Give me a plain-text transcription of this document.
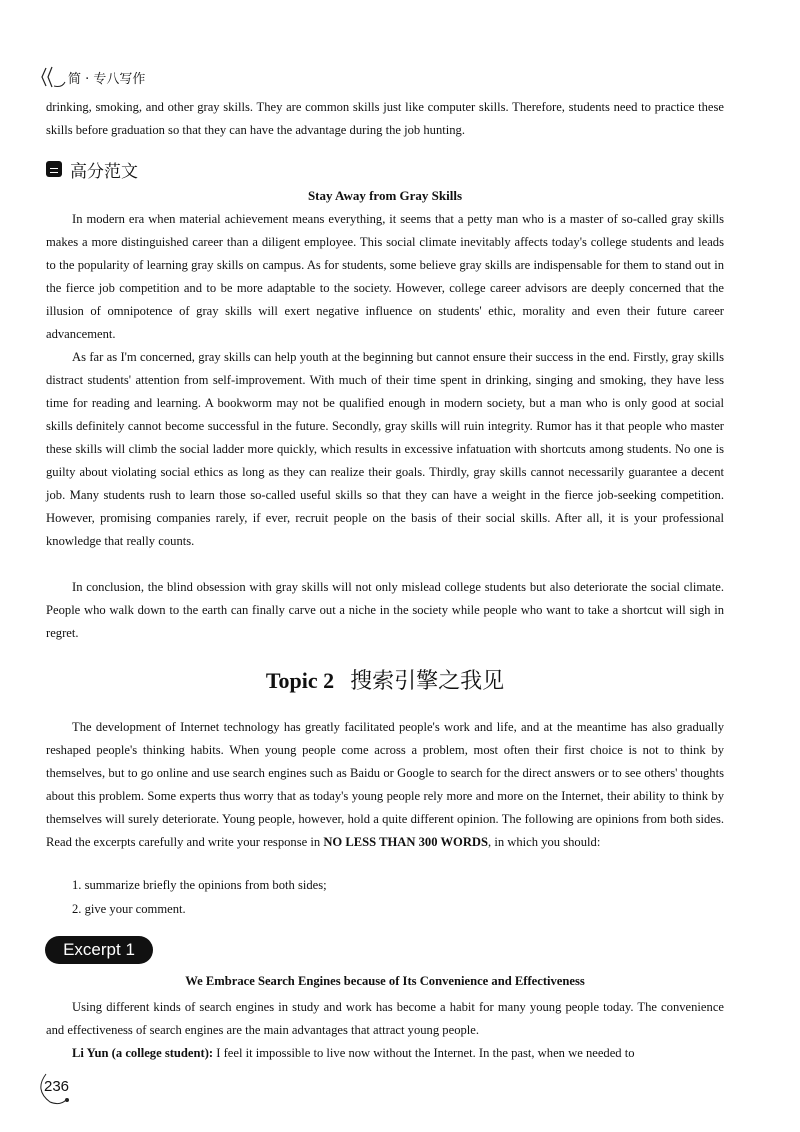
简 · 专八写作

drinking, smoking, and other gray skills. They are common skills just like computer skills. Therefore, students need to practice these skills before graduation so that they can have the advantage during the job hunting.

高分范文
Stay Away from Gray Skills

In modern era when material achievement means everything, it seems that a petty man who is a master of so-called gray skills makes a more distinguished career than a diligent employee. This social climate inevitably affects today's college students and leads to the popularity of learning gray skills on campus. As for students, some believe gray skills are indispensable for them to stand out in the fierce job competition and to be more adaptable to the society. However, college career advisors are deeply concerned that the illusion of omnipotence of gray skills will exert negative influence on students' ethic, morality and even their future career advancement.

As far as I'm concerned, gray skills can help youth at the beginning but cannot ensure their success in the end. Firstly, gray skills distract students' attention from self-improvement. With much of their time spent in drinking, singing and smoking, they have less time for reading and learning. A bookworm may not be qualified enough in modern society, but a man who is only good at social skills definitely cannot become successful in the future. Secondly, gray skills will ruin integrity. Rumor has it that people who master these skills will climb the social ladder more quickly, which results in excessive infatuation with shortcuts among students. No one is guilty about violating social ethics as long as they can realize their goals. Thirdly, gray skills cannot necessarily guarantee a decent job. Many students rush to learn those so-called useful skills so that they can have a weight in the fierce job-seeking competition. However, promising companies rarely, if ever, recruit people on the basis of their social skills. After all, it is your professional knowledge that really counts.

In conclusion, the blind obsession with gray skills will not only mislead college students but also deteriorate the social climate. People who walk down to the earth can finally carve out a niche in the society while people who want to take a shortcut will sigh in regret.

Topic 2 搜索引擎之我见

The development of Internet technology has greatly facilitated people's work and life, and at the meantime has also gradually reshaped people's thinking habits. When young people come across a problem, most often their first choice is not to think by themselves, but to go online and use search engines such as Baidu or Google to search for the direct answers or to see others' thoughts about this problem. Some experts thus worry that as today's young people rely more and more on the Internet, their ability to think by themselves will surely deteriorate. Young people, however, hold a quite different opinion. The following are opinions from both sides. Read the excerpts carefully and write your response in NO LESS THAN 300 WORDS, in which you should:

1. summarize briefly the opinions from both sides;
2. give your comment.
Excerpt 1
We Embrace Search Engines because of Its Convenience and Effectiveness

Using different kinds of search engines in study and work has become a habit for many young people today. The convenience and effectiveness of search engines are the main advantages that attract young people.

Li Yun (a college student): I feel it impossible to live now without the Internet. In the past, when we needed to

236
